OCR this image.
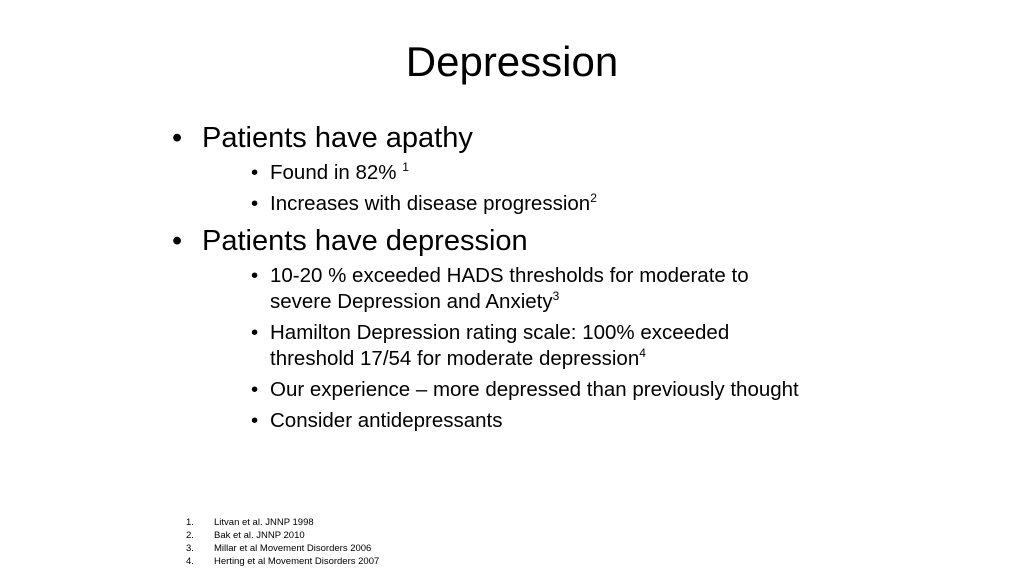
Depression
• Patients have apathy
• Found in 82% $^1$
• Increases with disease progression$^2$
• Patients have depression
• 10-20 % exceeded HADS thresholds for moderate to severe Depression and Anxiety$^3$
• Hamilton Depression rating scale: 100% exceeded threshold 17/54 for moderate depression$^4$
• Our experience – more depressed than previously thought
• Consider antidepressants
1. Litvan et al. JNNP 1998
2. Bak et al. JNNP 2010
3. Millar et al Movement Disorders 2006
4. Herting et al Movement Disorders 2007
